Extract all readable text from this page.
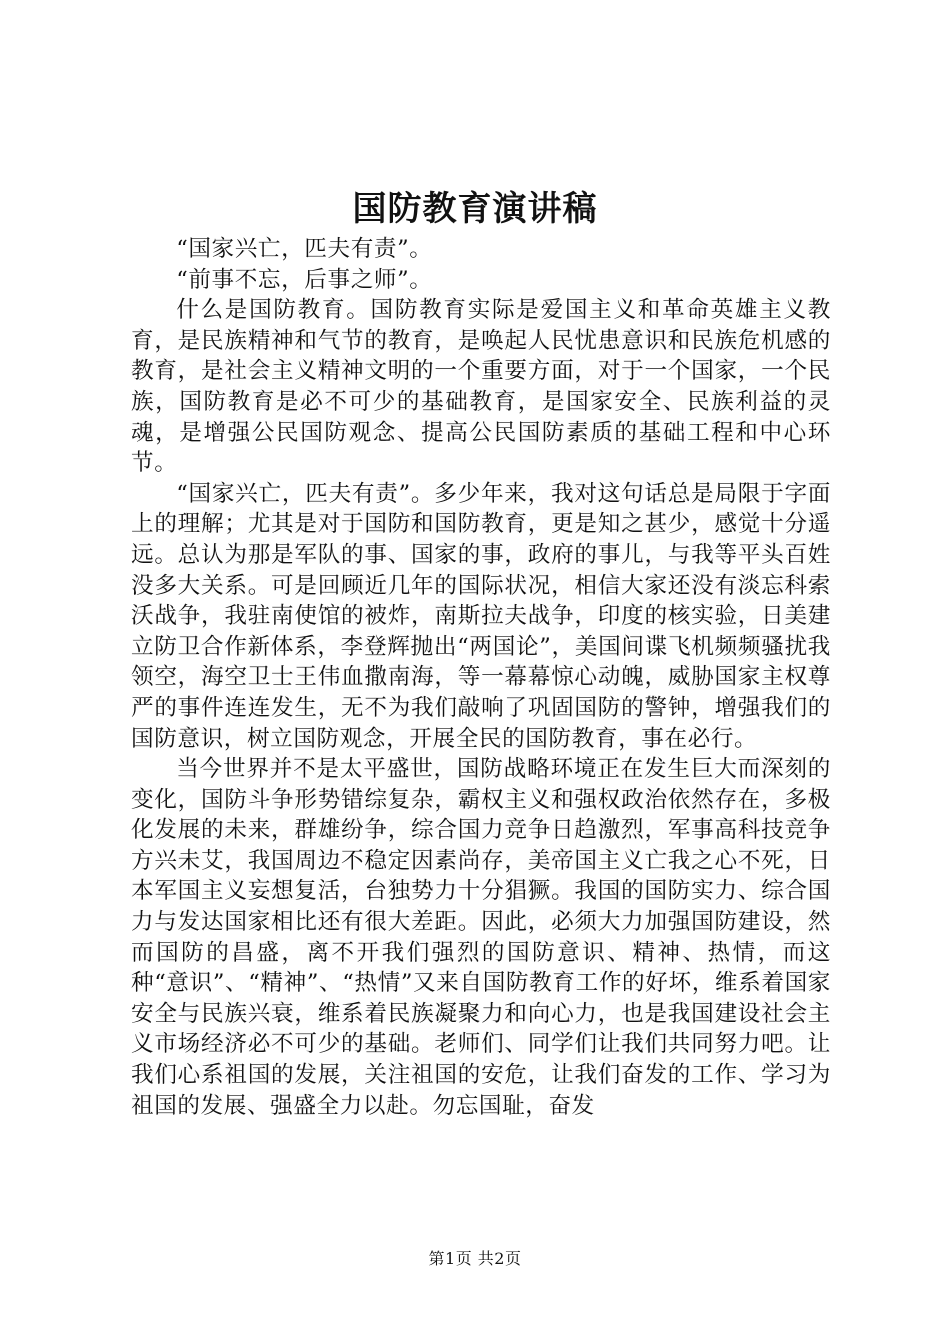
国防教育演讲稿

“国家兴亡，匹夫有责”。

“前事不忘，后事之师”。

什么是国防教育。国防教育实际是爱国主义和革命英雄主义教育，是民族精神和气节的教育，是唤起人民忧患意识和民族危机感的教育，是社会主义精神文明的一个重要方面，对于一个国家，一个民族，国防教育是必不可少的基础教育，是国家安全、民族利益的灵魂，是增强公民国防观念、提高公民国防素质的基础工程和中心环节。

“国家兴亡，匹夫有责”。多少年来，我对这句话总是局限于字面上的理解；尤其是对于国防和国防教育，更是知之甚少，感觉十分遥远。总认为那是军队的事、国家的事，政府的事儿，与我等平头百姓没多大关系。可是回顾近几年的国际状况，相信大家还没有淡忘科索沃战争，我驻南使馆的被炸，南斯拉夫战争，印度的核实验，日美建立防卫合作新体系，李登辉抛出“两国论”，美国间谍飞机频频骚扰我领空，海空卫士王伟血撒南海，等一幕幕惊心动魄，威胁国家主权尊严的事件连连发生，无不为我们敲响了巩固国防的警钟，增强我们的国防意识，树立国防观念，开展全民的国防教育，事在必行。

当今世界并不是太平盛世，国防战略环境正在发生巨大而深刻的变化，国防斗争形势错综复杂，霸权主义和强权政治依然存在，多极化发展的未来，群雄纷争，综合国力竞争日趋激烈，军事高科技竞争方兴未艾，我国周边不稳定因素尚存，美帝国主义亡我之心不死，日本军国主义妄想复活，台独势力十分猖獗。我国的国防实力、综合国力与发达国家相比还有很大差距。因此，必须大力加强国防建设，然而国防的昌盛，离不开我们强烈的国防意识、精神、热情，而这种“意识”、“精神”、“热情”又来自国防教育工作的好坏，维系着国家安全与民族兴衰，维系着民族凝聚力和向心力，也是我国建设社会主义市场经济必不可少的基础。老师们、同学们让我们共同努力吧。让我们心系祖国的发展，关注祖国的安危，让我们奋发的工作、学习为祖国的发展、强盛全力以赴。勿忘国耻，奋发

第1页 共2页
